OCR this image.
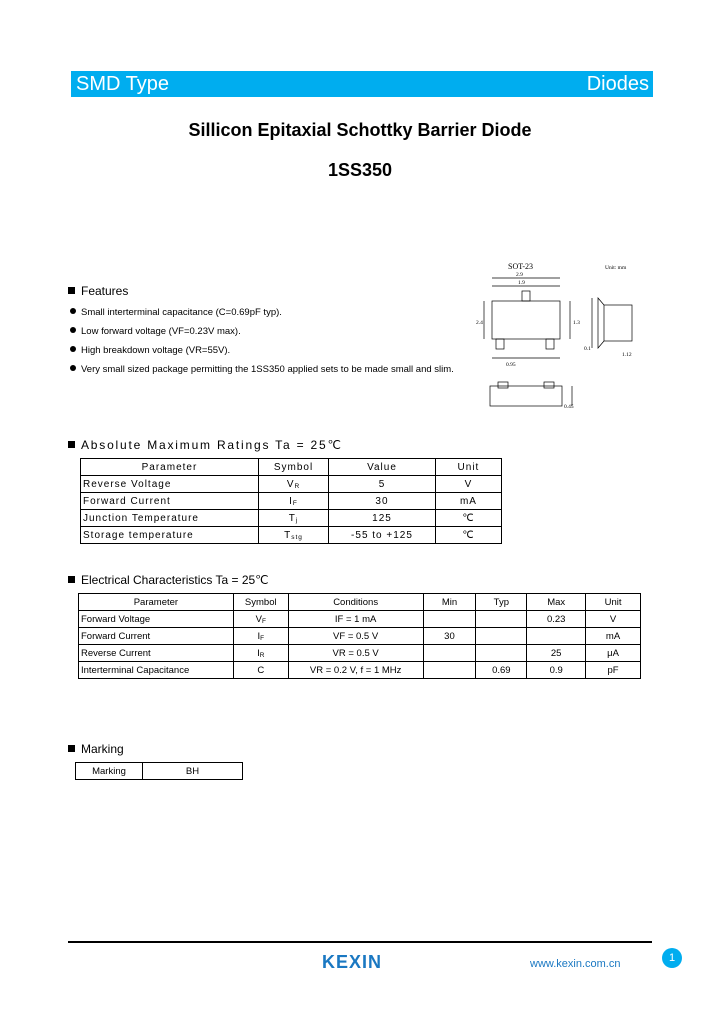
SMD Type	Diodes
Sillicon Epitaxial Schottky Barrier Diode
1SS350
Features
Small interterminal capacitance (C=0.69pF typ).
Low forward voltage (VF=0.23V max).
High breakdown voltage (VR=55V).
Very small sized package permitting the 1SS350 applied sets to be made small and slim.
SOT-23	Unit: mm
2.9
1.9
2.4	1.3
0.95
0.1
1.12
0.45
Absolute Maximum Ratings Ta = 25℃
Parameter	Symbol	Value	Unit
Reverse Voltage	$V_R$	5	V
Forward Current	$I_F$	30	mA
Junction Temperature	$T_j$	125	℃
Storage temperature	$T_{stg}$	-55 to +125	℃
Electrical Characteristics Ta = 25℃
Parameter	Symbol	Conditions	Min	Typ	Max	Unit
Forward Voltage	$V_F$	IF = 1 mA			0.23	V
Forward Current	$I_F$	VF = 0.5 V	30			mA
Reverse Current	$I_R$	VR = 0.5 V			25	μA
Interterminal Capacitance	C	VR = 0.2 V, f = 1 MHz		0.69	0.9	pF
Marking
Marking	BH
KEXIN	www.kexin.com.cn	1
